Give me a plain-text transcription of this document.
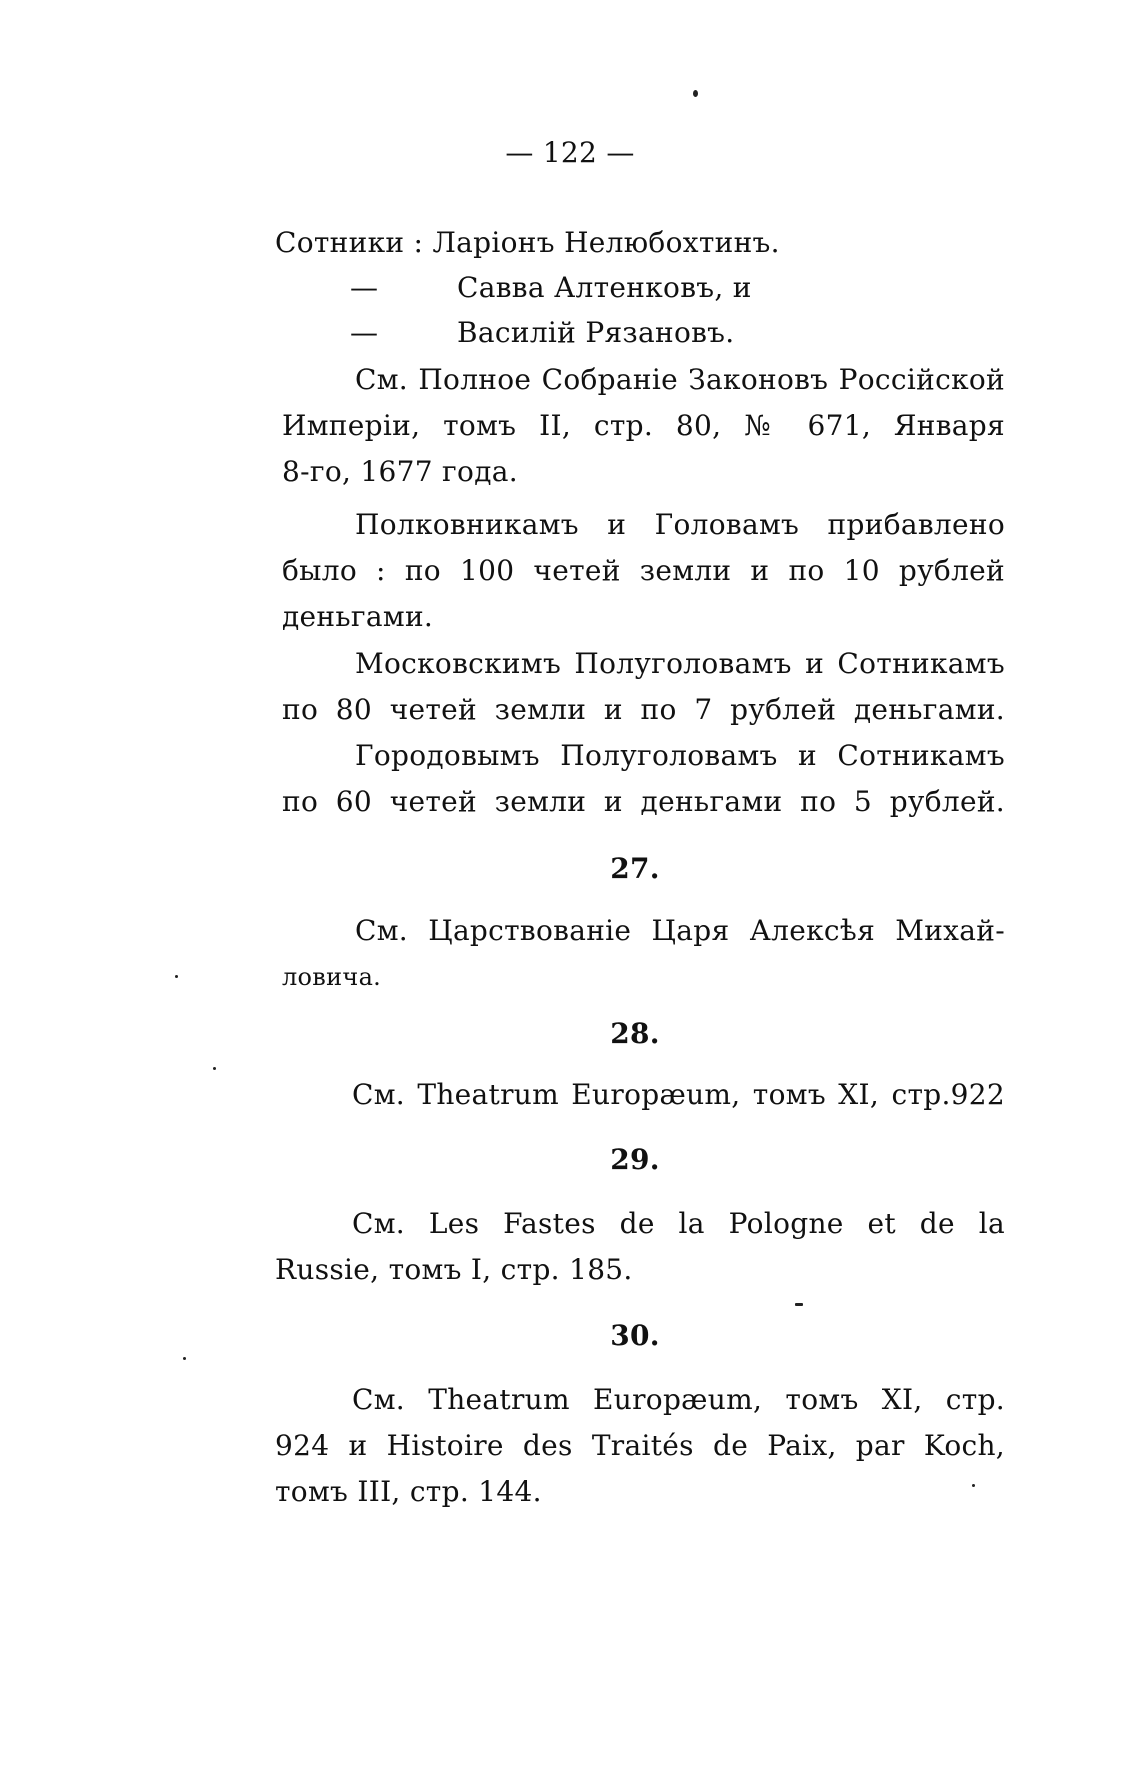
— 122 —
Сотники : Ларіонъ Нелюбохтинъ.
—	Савва Алтенковъ, и
—	Василій Рязановъ.
См. Полное Собраніе Законовъ Россійской
Имперіи, томъ II, стр. 80, № 671, Января
8-го, 1677 года.
Полковникамъ и Головамъ прибавлено
было : по 100 четей земли и по 10 рублей
деньгами.
Московскимъ Полуголовамъ и Сотникамъ
по 80 четей земли и по 7 рублей деньгами.
Городовымъ Полуголовамъ и Сотникамъ
по 60 четей земли и деньгами по 5 рублей.
27.
См. Царствованіе Царя Алексѣя Михай-
ловича.
28.
См. Theatrum Europæum, томъ XI, стр.922
29.
См. Les Fastes de la Pologne et de la
Russie, томъ I, стр. 185.
30.
См. Theatrum Europæum, томъ XI, стр.
924 и Histoire des Traités de Paix, par Koch,
томъ III, стр. 144.
